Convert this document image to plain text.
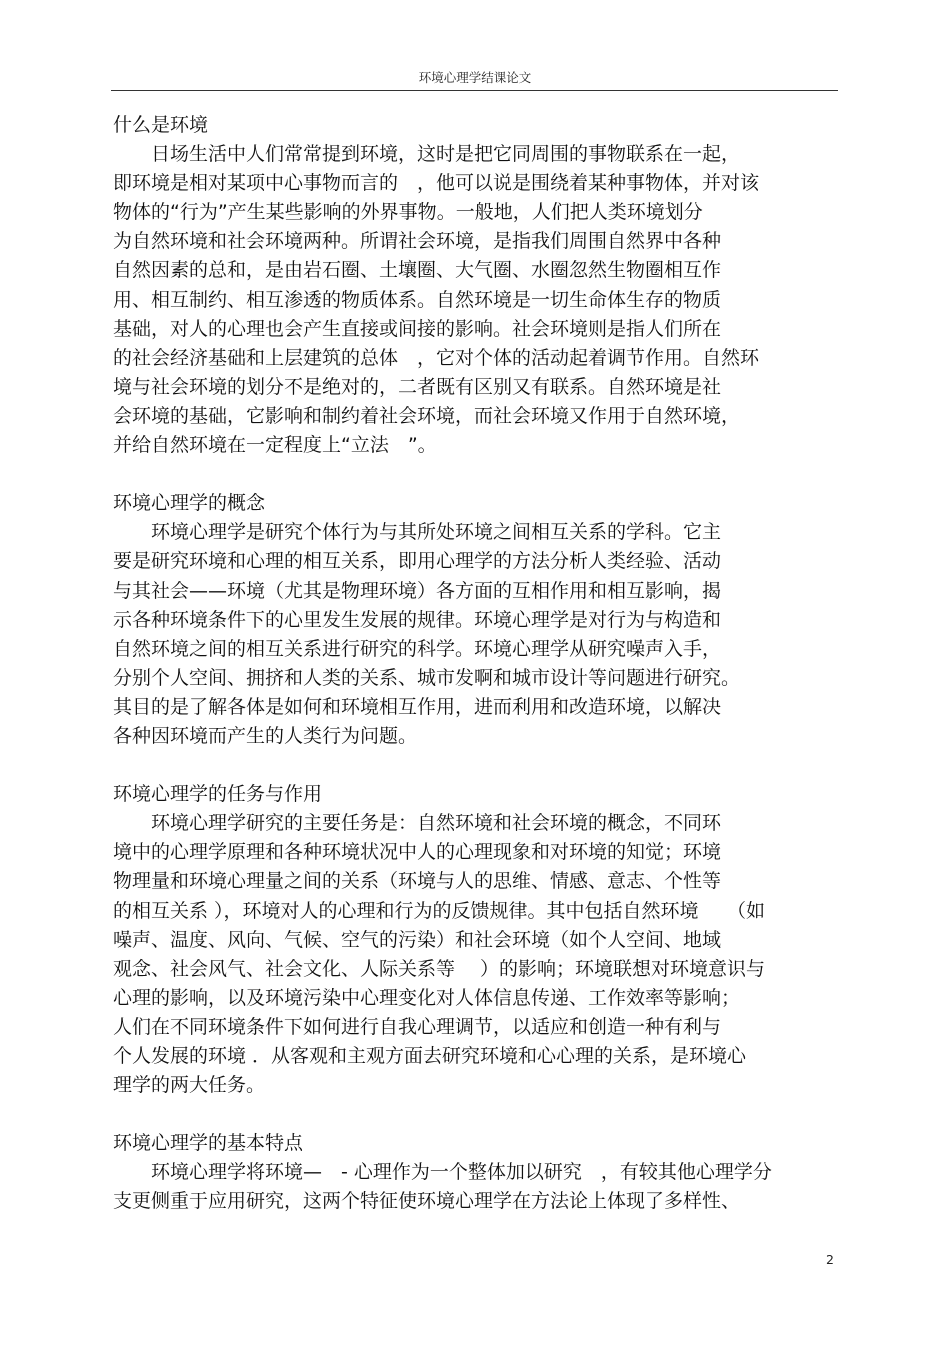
环境心理学结课论文
什么是环境
　　日场生活中人们常常提到环境，这时是把它同周围的事物联系在一起，
即环境是相对某项中心事物而言的　，他可以说是围绕着某种事物体，并对该
物体的“行为”产生某些影响的外界事物。一般地，人们把人类环境划分
为自然环境和社会环境两种。所谓社会环境，是指我们周围自然界中各种
自然因素的总和，是由岩石圈、土壤圈、大气圈、水圈忽然生物圈相互作
用、相互制约、相互渗透的物质体系。自然环境是一切生命体生存的物质
基础，对人的心理也会产生直接或间接的影响。社会环境则是指人们所在
的社会经济基础和上层建筑的总体　，它对个体的活动起着调节作用。自然环
境与社会环境的划分不是绝对的，二者既有区别又有联系。自然环境是社
会环境的基础，它影响和制约着社会环境，而社会环境又作用于自然环境，
并给自然环境在一定程度上“立法　”。
环境心理学的概念
　　环境心理学是研究个体行为与其所处环境之间相互关系的学科。它主
要是研究环境和心理的相互关系，即用心理学的方法分析人类经验、活动
与其社会——环境（尤其是物理环境）各方面的互相作用和相互影响，揭
示各种环境条件下的心里发生发展的规律。环境心理学是对行为与构造和
自然环境之间的相互关系进行研究的科学。环境心理学从研究噪声入手，
分别个人空间、拥挤和人类的关系、城市发啊和城市设计等问题进行研究。
其目的是了解各体是如何和环境相互作用，进而利用和改造环境，以解决
各种因环境而产生的人类行为问题。
环境心理学的任务与作用
　　环境心理学研究的主要任务是：自然环境和社会环境的概念，不同环
境中的心理学原理和各种环境状况中人的心理现象和对环境的知觉；环境
物理量和环境心理量之间的关系（环境与人的思维、情感、意志、个性等
的相互关系 ），环境对人的心理和行为的反馈规律。其中包括自然环境　　（如
噪声、温度、风向、气候、空气的污染）和社会环境（如个人空间、地域
观念、社会风气、社会文化、人际关系等　 ）的影响；环境联想对环境意识与
心理的影响，以及环境污染中心理变化对人体信息传递、工作效率等影响；
人们在不同环境条件下如何进行自我心理调节，以适应和创造一种有利与
个人发展的环境 ．从客观和主观方面去研究环境和心心理的关系，是环境心
理学的两大任务。
环境心理学的基本特点
　　环境心理学将环境—　- 心理作为一个整体加以研究　，有较其他心理学分
支更侧重于应用研究，这两个特征使环境心理学在方法论上体现了多样性、
2
